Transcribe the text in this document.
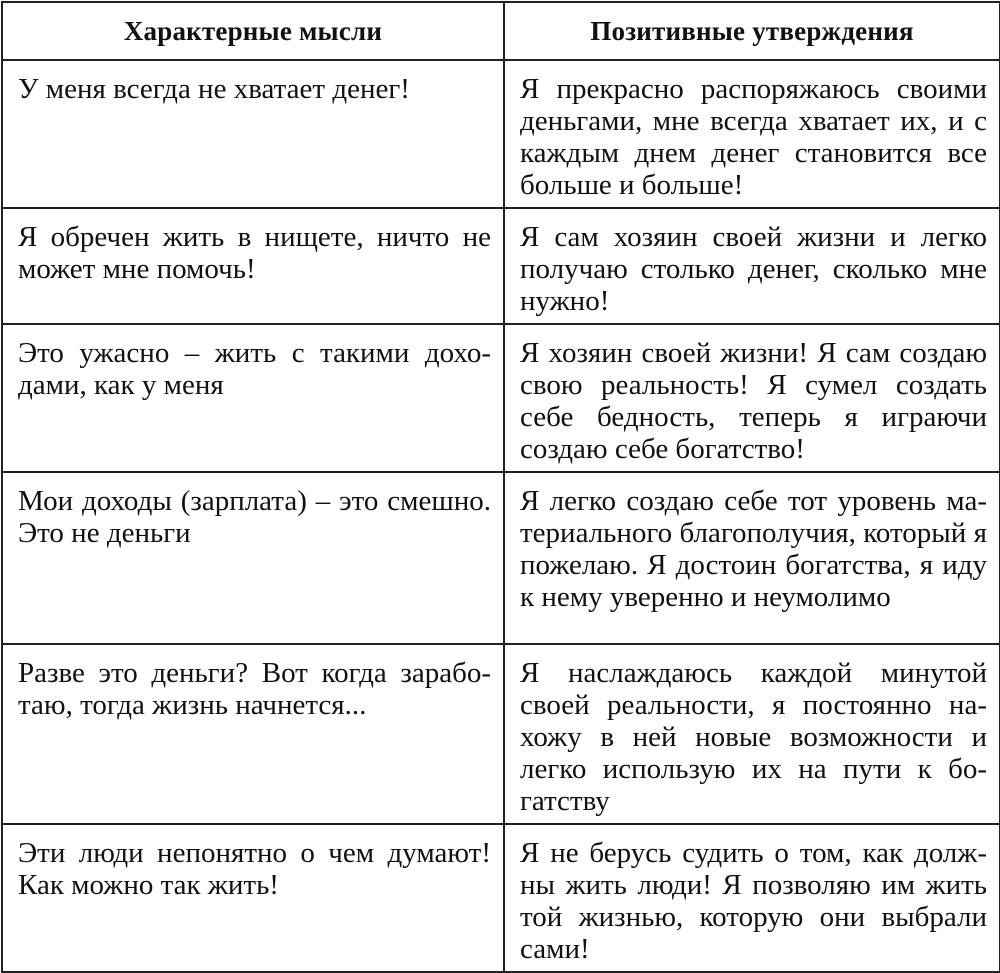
Характерные мысли	Позитивные утверждения
У меня всегда не хватает денег!	Я прекрасно распоряжаюсь своими деньгами, мне всегда хватает их, и с каждым днем денег становится все больше и больше!
Я обречен жить в нищете, ничто не может мне помочь!	Я сам хозяин своей жизни и легко получаю столько денег, сколько мне нужно!
Это ужасно – жить с такими доходами, как у меня	Я хозяин своей жизни! Я сам создаю свою реальность! Я сумел создать себе бедность, теперь я играючи создаю себе богатство!
Мои доходы (зарплата) – это смешно. Это не деньги	Я легко создаю себе тот уровень материального благополучия, который я пожелаю. Я достоин богатства, я иду к нему уверенно и неумолимо
Разве это деньги? Вот когда заработаю, тогда жизнь начнется...	Я наслаждаюсь каждой минутой своей реальности, я постоянно нахожу в ней новые возможности и легко использую их на пути к богатству
Эти люди непонятно о чем думают! Как можно так жить!	Я не берусь судить о том, как должны жить люди! Я позволяю им жить той жизнью, которую они выбрали сами!
